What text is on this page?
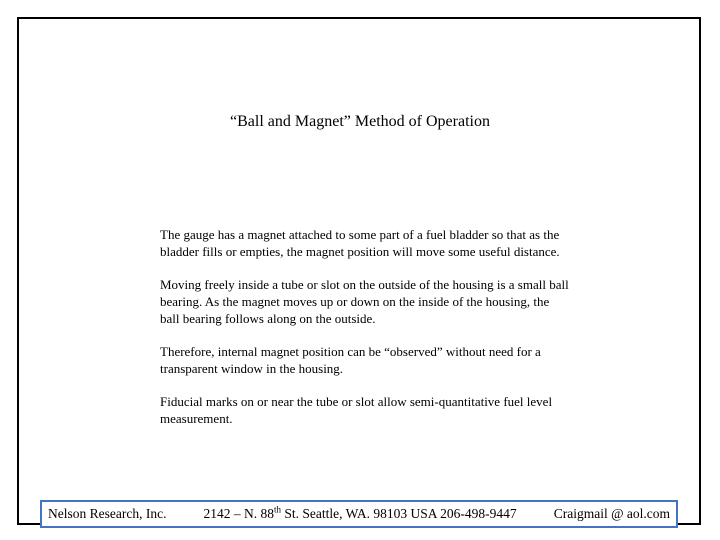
“Ball and Magnet” Method of Operation

The gauge has a magnet attached to some part of a fuel bladder so that as the bladder fills or empties, the magnet position will move some useful distance.

Moving freely inside a tube or slot on the outside of the housing is a small ball bearing. As the magnet moves up or down on the inside of the housing, the ball bearing follows along on the outside.

Therefore, internal magnet position can be “observed” without need for a transparent window in the housing.

Fiducial marks on or near the tube or slot allow semi-quantitative fuel level measurement.

Nelson Research, Inc.	2142 – N. 88th St. Seattle, WA. 98103 USA 206-498-9447	Craigmail @ aol.com
